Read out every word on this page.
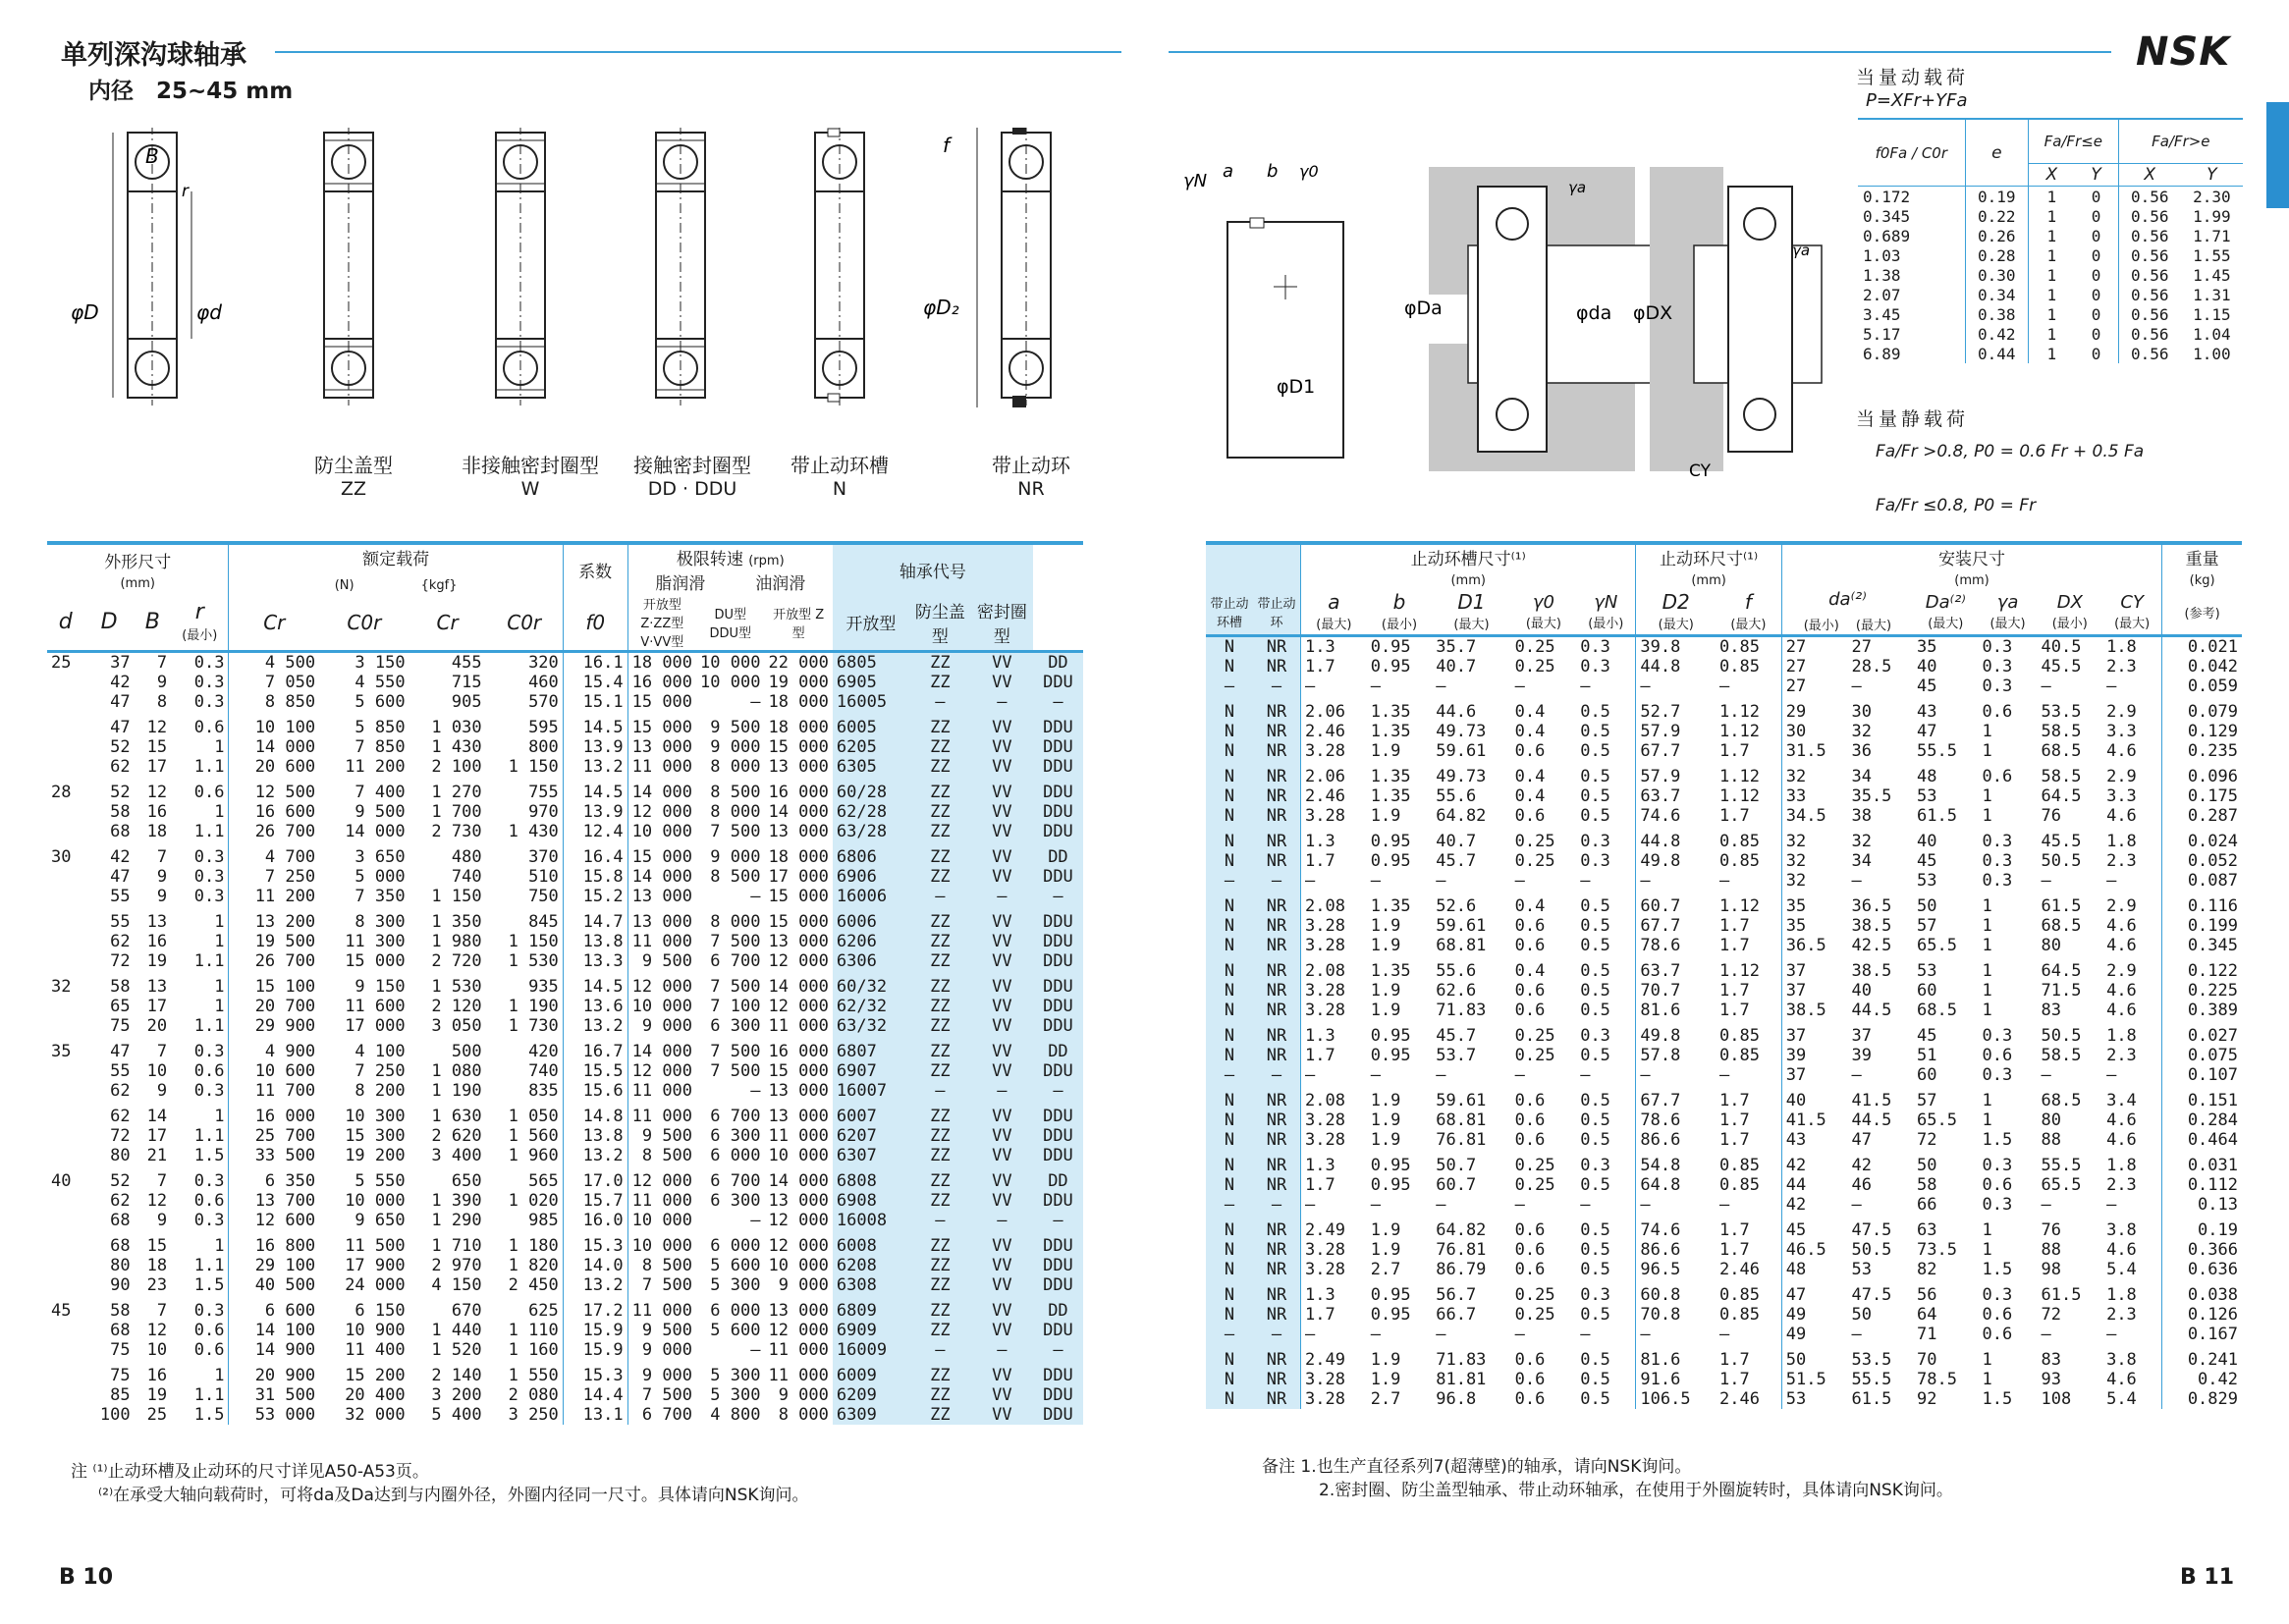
单列深沟球轴承
内径　25~45 mm
B
r
φD	φd
f
φD₂
防尘盖型
ZZ
非接触密封圈型
W
接触密封圈型
DD · DDU
带止动环槽
N
带止动环
NR
外形尺寸
(mm)				额定载荷
(N)　　　　 {kgf}				系数	极限转速 (rpm)
脂润滑　　　 油润滑			轴承代号			
d	D	B	r
(最小)	Cr	C0r	Cr	C0r	f0	开放型 Z·ZZ型 V·VV型	DU型 DDU型	开放型 Z 型	开放型	防尘盖型	密封圈型	
25	37	7	0.3	4 500	3 150	455	320	16.1	18 000	10 000	22 000	6805	ZZ	VV	DD
	42	9	0.3	7 050	4 550	715	460	15.4	16 000	10 000	19 000	6905	ZZ	VV	DDU
	47	8	0.3	8 850	5 600	905	570	15.1	15 000	—	18 000	16005	—	—	—
	47	12	0.6	10 100	5 850	1 030	595	14.5	15 000	9 500	18 000	6005	ZZ	VV	DDU
	52	15	1	14 000	7 850	1 430	800	13.9	13 000	9 000	15 000	6205	ZZ	VV	DDU
	62	17	1.1	20 600	11 200	2 100	1 150	13.2	11 000	8 000	13 000	6305	ZZ	VV	DDU
28	52	12	0.6	12 500	7 400	1 270	755	14.5	14 000	8 500	16 000	60/28	ZZ	VV	DDU
	58	16	1	16 600	9 500	1 700	970	13.9	12 000	8 000	14 000	62/28	ZZ	VV	DDU
	68	18	1.1	26 700	14 000	2 730	1 430	12.4	10 000	7 500	13 000	63/28	ZZ	VV	DDU
30	42	7	0.3	4 700	3 650	480	370	16.4	15 000	9 000	18 000	6806	ZZ	VV	DD
	47	9	0.3	7 250	5 000	740	510	15.8	14 000	8 500	17 000	6906	ZZ	VV	DDU
	55	9	0.3	11 200	7 350	1 150	750	15.2	13 000	—	15 000	16006	—	—	—
	55	13	1	13 200	8 300	1 350	845	14.7	13 000	8 000	15 000	6006	ZZ	VV	DDU
	62	16	1	19 500	11 300	1 980	1 150	13.8	11 000	7 500	13 000	6206	ZZ	VV	DDU
	72	19	1.1	26 700	15 000	2 720	1 530	13.3	9 500	6 700	12 000	6306	ZZ	VV	DDU
32	58	13	1	15 100	9 150	1 530	935	14.5	12 000	7 500	14 000	60/32	ZZ	VV	DDU
	65	17	1	20 700	11 600	2 120	1 190	13.6	10 000	7 100	12 000	62/32	ZZ	VV	DDU
	75	20	1.1	29 900	17 000	3 050	1 730	13.2	9 000	6 300	11 000	63/32	ZZ	VV	DDU
35	47	7	0.3	4 900	4 100	500	420	16.7	14 000	7 500	16 000	6807	ZZ	VV	DD
	55	10	0.6	10 600	7 250	1 080	740	15.5	12 000	7 500	15 000	6907	ZZ	VV	DDU
	62	9	0.3	11 700	8 200	1 190	835	15.6	11 000	—	13 000	16007	—	—	—
	62	14	1	16 000	10 300	1 630	1 050	14.8	11 000	6 700	13 000	6007	ZZ	VV	DDU
	72	17	1.1	25 700	15 300	2 620	1 560	13.8	9 500	6 300	11 000	6207	ZZ	VV	DDU
	80	21	1.5	33 500	19 200	3 400	1 960	13.2	8 500	6 000	10 000	6307	ZZ	VV	DDU
40	52	7	0.3	6 350	5 550	650	565	17.0	12 000	6 700	14 000	6808	ZZ	VV	DD
	62	12	0.6	13 700	10 000	1 390	1 020	15.7	11 000	6 300	13 000	6908	ZZ	VV	DDU
	68	9	0.3	12 600	9 650	1 290	985	16.0	10 000	—	12 000	16008	—	—	—
	68	15	1	16 800	11 500	1 710	1 180	15.3	10 000	6 000	12 000	6008	ZZ	VV	DDU
	80	18	1.1	29 100	17 900	2 970	1 820	14.0	8 500	5 600	10 000	6208	ZZ	VV	DDU
	90	23	1.5	40 500	24 000	4 150	2 450	13.2	7 500	5 300	9 000	6308	ZZ	VV	DDU
45	58	7	0.3	6 600	6 150	670	625	17.2	11 000	6 000	13 000	6809	ZZ	VV	DD
	68	12	0.6	14 100	10 900	1 440	1 110	15.9	9 500	5 600	12 000	6909	ZZ	VV	DDU
	75	10	0.6	14 900	11 400	1 520	1 160	15.9	9 000	—	11 000	16009	—	—	—
	75	16	1	20 900	15 200	2 140	1 550	15.3	9 000	5 300	11 000	6009	ZZ	VV	DDU
	85	19	1.1	31 500	20 400	3 200	2 080	14.4	7 500	5 300	9 000	6209	ZZ	VV	DDU
	100	25	1.5	53 000	32 000	5 400	3 250	13.1	6 700	4 800	8 000	6309	ZZ	VV	DDU
注 ⁽¹⁾止动环槽及止动环的尺寸详见A50-A53页。
⁽²⁾在承受大轴向载荷时，可将da及Da达到与内圈外径，外圈内径同一尺寸。具体请向NSK询问。
B 10
NSK
γN a b γ0
φD1
γa
φDa	φda
γa
φDX
CY
当量动载荷
P=XFr+YFa
f0Fa / C0r	e	Fa/Fr≤e		Fa/Fr>e	
		X	Y	X	Y
0.172	0.19	1	0	0.56	2.30
0.345	0.22	1	0	0.56	1.99
0.689	0.26	1	0	0.56	1.71
1.03	0.28	1	0	0.56	1.55
1.38	0.30	1	0	0.56	1.45
2.07	0.34	1	0	0.56	1.31
3.45	0.38	1	0	0.56	1.15
5.17	0.42	1	0	0.56	1.04
6.89	0.44	1	0	0.56	1.00
当量静载荷
Fa/Fr >0.8, P0 = 0.6 Fr + 0.5 Fa
Fa/Fr ≤0.8, P0 = Fr
		止动环槽尺寸⁽¹⁾
(mm)					止动环尺寸⁽¹⁾
(mm)		安装尺寸
(mm)						重量
(kg)
带止动环槽	带止动环	a
(最大)	b
(最小)	D1
(最大)	γ0
(最大)	γN
(最小)	D2
(最大)	f
(最大)	da⁽²⁾
(最小)　 (最大)		Da⁽²⁾
(最大)	γa
(最大)	DX
(最小)	CY
(最大)	(参考)
N	NR	1.3	0.95	35.7	0.25	0.3	39.8	0.85	27	27	35	0.3	40.5	1.8	0.021
N	NR	1.7	0.95	40.7	0.25	0.3	44.8	0.85	27	28.5	40	0.3	45.5	2.3	0.042
—	—	—	—	—	—	—	—	—	27	—	45	0.3	—	—	0.059
N	NR	2.06	1.35	44.6	0.4	0.5	52.7	1.12	29	30	43	0.6	53.5	2.9	0.079
N	NR	2.46	1.35	49.73	0.4	0.5	57.9	1.12	30	32	47	1	58.5	3.3	0.129
N	NR	3.28	1.9	59.61	0.6	0.5	67.7	1.7	31.5	36	55.5	1	68.5	4.6	0.235
N	NR	2.06	1.35	49.73	0.4	0.5	57.9	1.12	32	34	48	0.6	58.5	2.9	0.096
N	NR	2.46	1.35	55.6	0.4	0.5	63.7	1.12	33	35.5	53	1	64.5	3.3	0.175
N	NR	3.28	1.9	64.82	0.6	0.5	74.6	1.7	34.5	38	61.5	1	76	4.6	0.287
N	NR	1.3	0.95	40.7	0.25	0.3	44.8	0.85	32	32	40	0.3	45.5	1.8	0.024
N	NR	1.7	0.95	45.7	0.25	0.3	49.8	0.85	32	34	45	0.3	50.5	2.3	0.052
—	—	—	—	—	—	—	—	—	32	—	53	0.3	—	—	0.087
N	NR	2.08	1.35	52.6	0.4	0.5	60.7	1.12	35	36.5	50	1	61.5	2.9	0.116
N	NR	3.28	1.9	59.61	0.6	0.5	67.7	1.7	35	38.5	57	1	68.5	4.6	0.199
N	NR	3.28	1.9	68.81	0.6	0.5	78.6	1.7	36.5	42.5	65.5	1	80	4.6	0.345
N	NR	2.08	1.35	55.6	0.4	0.5	63.7	1.12	37	38.5	53	1	64.5	2.9	0.122
N	NR	3.28	1.9	62.6	0.6	0.5	70.7	1.7	37	40	60	1	71.5	4.6	0.225
N	NR	3.28	1.9	71.83	0.6	0.5	81.6	1.7	38.5	44.5	68.5	1	83	4.6	0.389
N	NR	1.3	0.95	45.7	0.25	0.3	49.8	0.85	37	37	45	0.3	50.5	1.8	0.027
N	NR	1.7	0.95	53.7	0.25	0.5	57.8	0.85	39	39	51	0.6	58.5	2.3	0.075
—	—	—	—	—	—	—	—	—	37	—	60	0.3	—	—	0.107
N	NR	2.08	1.9	59.61	0.6	0.5	67.7	1.7	40	41.5	57	1	68.5	3.4	0.151
N	NR	3.28	1.9	68.81	0.6	0.5	78.6	1.7	41.5	44.5	65.5	1	80	4.6	0.284
N	NR	3.28	1.9	76.81	0.6	0.5	86.6	1.7	43	47	72	1.5	88	4.6	0.464
N	NR	1.3	0.95	50.7	0.25	0.3	54.8	0.85	42	42	50	0.3	55.5	1.8	0.031
N	NR	1.7	0.95	60.7	0.25	0.5	64.8	0.85	44	46	58	0.6	65.5	2.3	0.112
—	—	—	—	—	—	—	—	—	42	—	66	0.3	—	—	0.13
N	NR	2.49	1.9	64.82	0.6	0.5	74.6	1.7	45	47.5	63	1	76	3.8	0.19
N	NR	3.28	1.9	76.81	0.6	0.5	86.6	1.7	46.5	50.5	73.5	1	88	4.6	0.366
N	NR	3.28	2.7	86.79	0.6	0.5	96.5	2.46	48	53	82	1.5	98	5.4	0.636
N	NR	1.3	0.95	56.7	0.25	0.3	60.8	0.85	47	47.5	56	0.3	61.5	1.8	0.038
N	NR	1.7	0.95	66.7	0.25	0.5	70.8	0.85	49	50	64	0.6	72	2.3	0.126
—	—	—	—	—	—	—	—	—	49	—	71	0.6	—	—	0.167
N	NR	2.49	1.9	71.83	0.6	0.5	81.6	1.7	50	53.5	70	1	83	3.8	0.241
N	NR	3.28	1.9	81.81	0.6	0.5	91.6	1.7	51.5	55.5	78.5	1	93	4.6	0.42
N	NR	3.28	2.7	96.8	0.6	0.5	106.5	2.46	53	61.5	92	1.5	108	5.4	0.829
备注 1.也生产直径系列7(超薄壁)的轴承，请向NSK询问。
2.密封圈、防尘盖型轴承、带止动环轴承，在使用于外圈旋转时，具体请向NSK询问。
B 11
